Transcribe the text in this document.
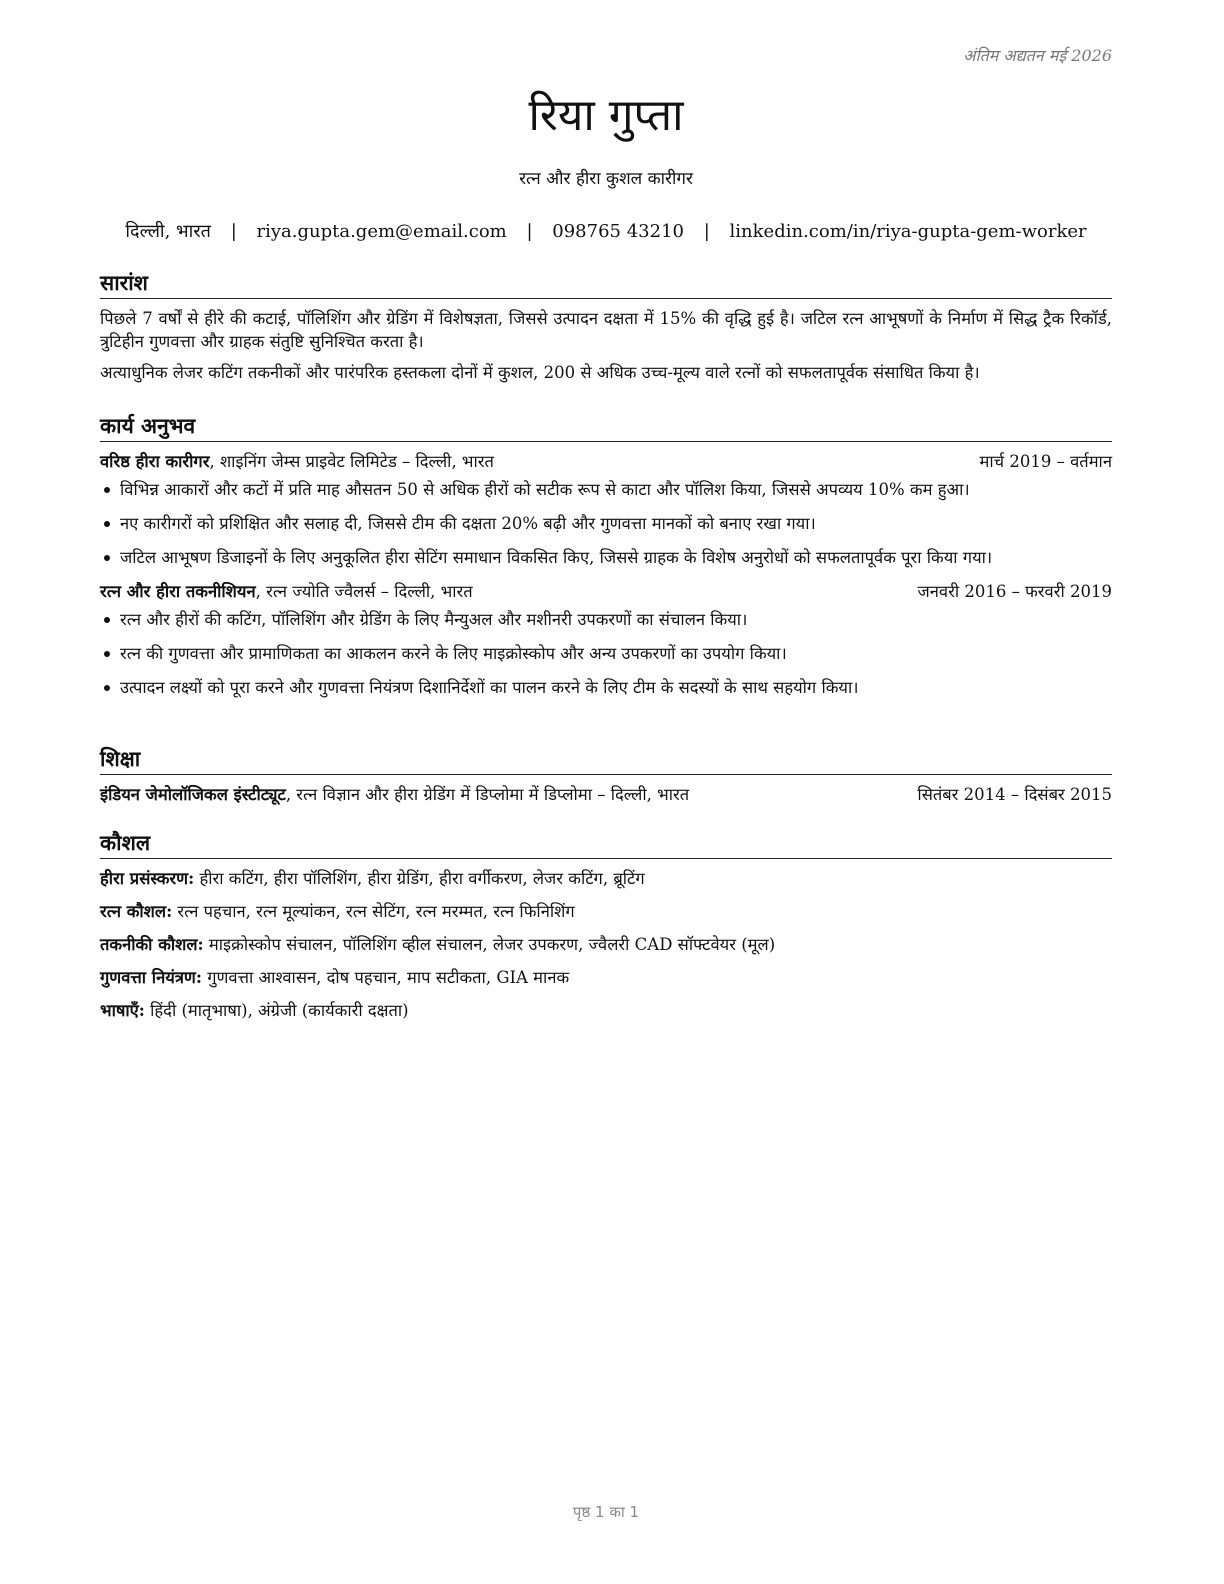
अंतिम अद्यतन मई 2026
रिया गुप्ता
रत्न और हीरा कुशल कारीगर
दिल्ली, भारत | riya.gupta.gem@email.com | 098765 43210 | linkedin.com/in/riya-gupta-gem-worker
सारांश

पिछले 7 वर्षों से हीरे की कटाई, पॉलिशिंग और ग्रेडिंग में विशेषज्ञता, जिससे उत्पादन दक्षता में 15% की वृद्धि हुई है। जटिल रत्न आभूषणों के निर्माण में सिद्ध ट्रैक रिकॉर्ड, त्रुटिहीन गुणवत्ता और ग्राहक संतुष्टि सुनिश्चित करता है।

अत्याधुनिक लेजर कटिंग तकनीकों और पारंपरिक हस्तकला दोनों में कुशल, 200 से अधिक उच्च-मूल्य वाले रत्नों को सफलतापूर्वक संसाधित किया है।

कार्य अनुभव
वरिष्ठ हीरा कारीगर, शाइनिंग जेम्स प्राइवेट लिमिटेड – दिल्ली, भारत	मार्च 2019 – वर्तमान
विभिन्न आकारों और कटों में प्रति माह औसतन 50 से अधिक हीरों को सटीक रूप से काटा और पॉलिश किया, जिससे अपव्यय 10% कम हुआ।
नए कारीगरों को प्रशिक्षित और सलाह दी, जिससे टीम की दक्षता 20% बढ़ी और गुणवत्ता मानकों को बनाए रखा गया।
जटिल आभूषण डिजाइनों के लिए अनुकूलित हीरा सेटिंग समाधान विकसित किए, जिससे ग्राहक के विशेष अनुरोधों को सफलतापूर्वक पूरा किया गया।
रत्न और हीरा तकनीशियन, रत्न ज्योति ज्वैलर्स – दिल्ली, भारत	जनवरी 2016 – फरवरी 2019
रत्न और हीरों की कटिंग, पॉलिशिंग और ग्रेडिंग के लिए मैन्युअल और मशीनरी उपकरणों का संचालन किया।
रत्न की गुणवत्ता और प्रामाणिकता का आकलन करने के लिए माइक्रोस्कोप और अन्य उपकरणों का उपयोग किया।
उत्पादन लक्ष्यों को पूरा करने और गुणवत्ता नियंत्रण दिशानिर्देशों का पालन करने के लिए टीम के सदस्यों के साथ सहयोग किया।
शिक्षा
इंडियन जेमोलॉजिकल इंस्टीट्यूट, रत्न विज्ञान और हीरा ग्रेडिंग में डिप्लोमा में डिप्लोमा – दिल्ली, भारत	सितंबर 2014 – दिसंबर 2015
कौशल
हीरा प्रसंस्करण: हीरा कटिंग, हीरा पॉलिशिंग, हीरा ग्रेडिंग, हीरा वर्गीकरण, लेजर कटिंग, ब्रूटिंग
रत्न कौशल: रत्न पहचान, रत्न मूल्यांकन, रत्न सेटिंग, रत्न मरम्मत, रत्न फिनिशिंग
तकनीकी कौशल: माइक्रोस्कोप संचालन, पॉलिशिंग व्हील संचालन, लेजर उपकरण, ज्वैलरी CAD सॉफ्टवेयर (मूल)
गुणवत्ता नियंत्रण: गुणवत्ता आश्वासन, दोष पहचान, माप सटीकता, GIA मानक
भाषाएँ: हिंदी (मातृभाषा), अंग्रेजी (कार्यकारी दक्षता)
पृष्ठ 1 का 1
